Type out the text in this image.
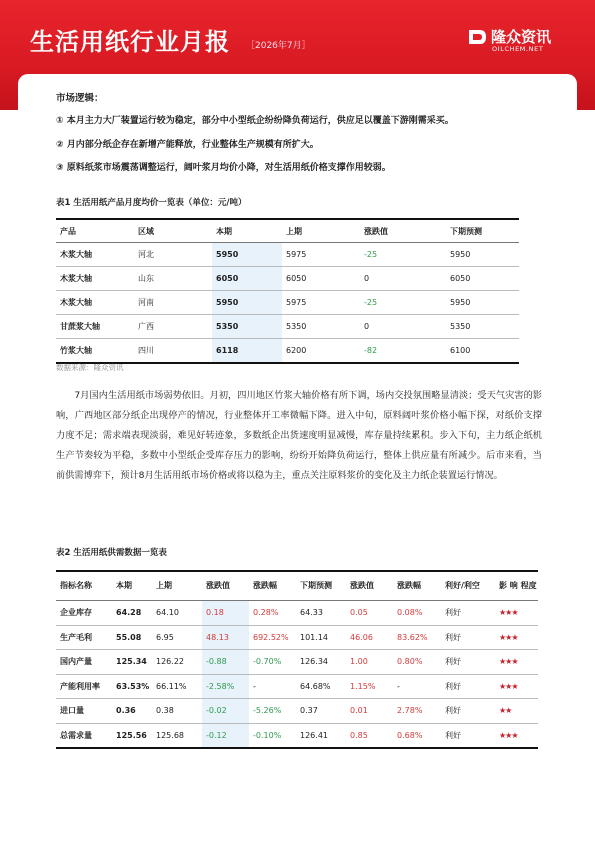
生活用纸行业月报 ［2026年7月］	隆众资讯
OILCHEM.NET
市场逻辑：
① 本月主力大厂装置运行较为稳定，部分中小型纸企纷纷降负荷运行，供应足以覆盖下游刚需采买。
② 月内部分纸企存在新增产能释放，行业整体生产规模有所扩大。
③ 原料纸浆市场震荡调整运行，阔叶浆月均价小降，对生活用纸价格支撑作用较弱。
表1 生活用纸产品月度均价一览表（单位：元/吨）
产品	区域	本期	上期	涨跌值	下期预测
木浆大轴	河北	5950	5975	-25	5950
木浆大轴	山东	6050	6050	0	6050
木浆大轴	河南	5950	5975	-25	5950
甘蔗浆大轴	广西	5350	5350	0	5350
竹浆大轴	四川	6118	6200	-82	6100
数据来源：隆众资讯
7月国内生活用纸市场弱势依旧。月初，四川地区竹浆大轴价格有所下调，场内交投氛围略显清淡；受天气灾害的影响，广西地区部分纸企出现停产的情况，行业整体开工率微幅下降。进入中旬，原料阔叶浆价格小幅下探，对纸价支撑力度不足；需求端表现淡弱，难见好转迹象，多数纸企出货速度明显减慢，库存量持续累积。步入下旬，主力纸企纸机生产节奏较为平稳，多数中小型纸企受库存压力的影响，纷纷开始降负荷运行，整体上供应量有所减少。后市来看，当前供需博弈下，预计8月生活用纸市场价格或将以稳为主，重点关注原料浆价的变化及主力纸企装置运行情况。
表2 生活用纸供需数据一览表
指标名称	本期	上期	涨跌值	涨跌幅	下期预测	涨跌值	涨跌幅	利好/利空	影 响 程度
企业库存	64.28	64.10	0.18	0.28%	64.33	0.05	0.08%	利好	★★★
生产毛利	55.08	6.95	48.13	692.52%	101.14	46.06	83.62%	利好	★★★
国内产量	125.34	126.22	-0.88	-0.70%	126.34	1.00	0.80%	利好	★★★
产能利用率	63.53%	66.11%	-2.58%	-	64.68%	1.15%	-	利好	★★★
进口量	0.36	0.38	-0.02	-5.26%	0.37	0.01	2.78%	利好	★★
总需求量	125.56	125.68	-0.12	-0.10%	126.41	0.85	0.68%	利好	★★★
